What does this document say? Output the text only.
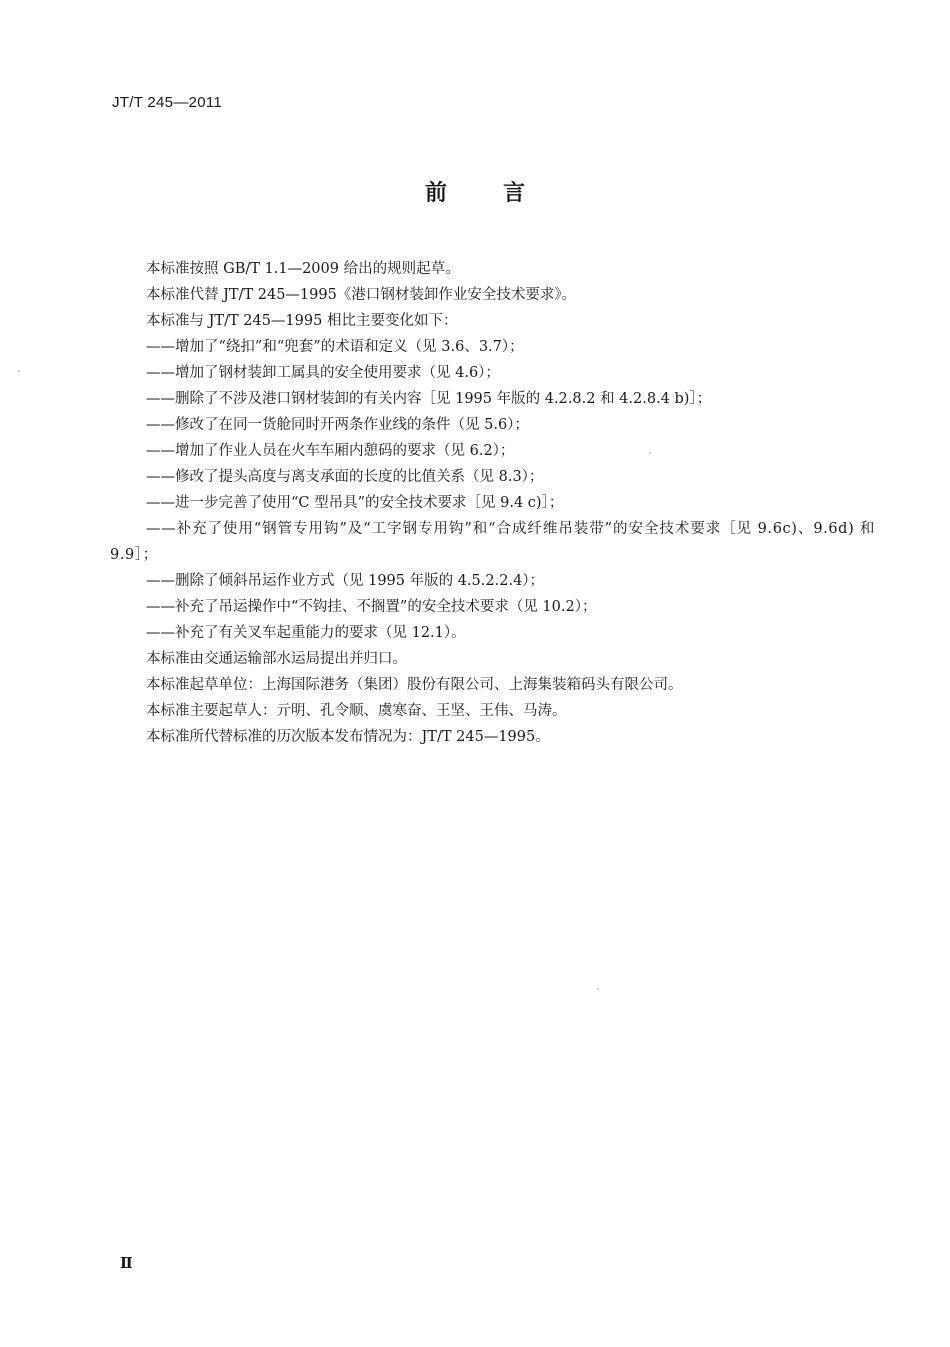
JT/T 245—2011
前	言
本标准按照 GB/T 1.1—2009 给出的规则起草。
本标准代替 JT/T 245—1995《港口钢材装卸作业安全技术要求》。
本标准与 JT/T 245—1995 相比主要变化如下：
——增加了“绕扣”和“兜套”的术语和定义（见 3.6、3.7）；
——增加了钢材装卸工属具的安全使用要求（见 4.6）；
——删除了不涉及港口钢材装卸的有关内容［见 1995 年版的 4.2.8.2 和 4.2.8.4 b)］；
——修改了在同一货舱同时开两条作业线的条件（见 5.6）；
——增加了作业人员在火车车厢内憩码的要求（见 6.2）；
——修改了提头高度与离支承面的长度的比值关系（见 8.3）；
——进一步完善了使用“C 型吊具”的安全技术要求［见 9.4 c)］；
——补充了使用“钢管专用钩”及“工字钢专用钩”和“合成纤维吊装带”的安全技术要求［见 9.6c)、9.6d) 和 9.9］；
——删除了倾斜吊运作业方式（见 1995 年版的 4.5.2.2.4）；
——补充了吊运操作中“不钩挂、不搁置”的安全技术要求（见 10.2）；
——补充了有关叉车起重能力的要求（见 12.1）。
本标准由交通运输部水运局提出并归口。
本标准起草单位：上海国际港务（集团）股份有限公司、上海集装箱码头有限公司。
本标准主要起草人：亓明、孔令顺、虞寒奋、王坚、王伟、马涛。
本标准所代替标准的历次版本发布情况为：JT/T 245—1995。
Ⅱ
